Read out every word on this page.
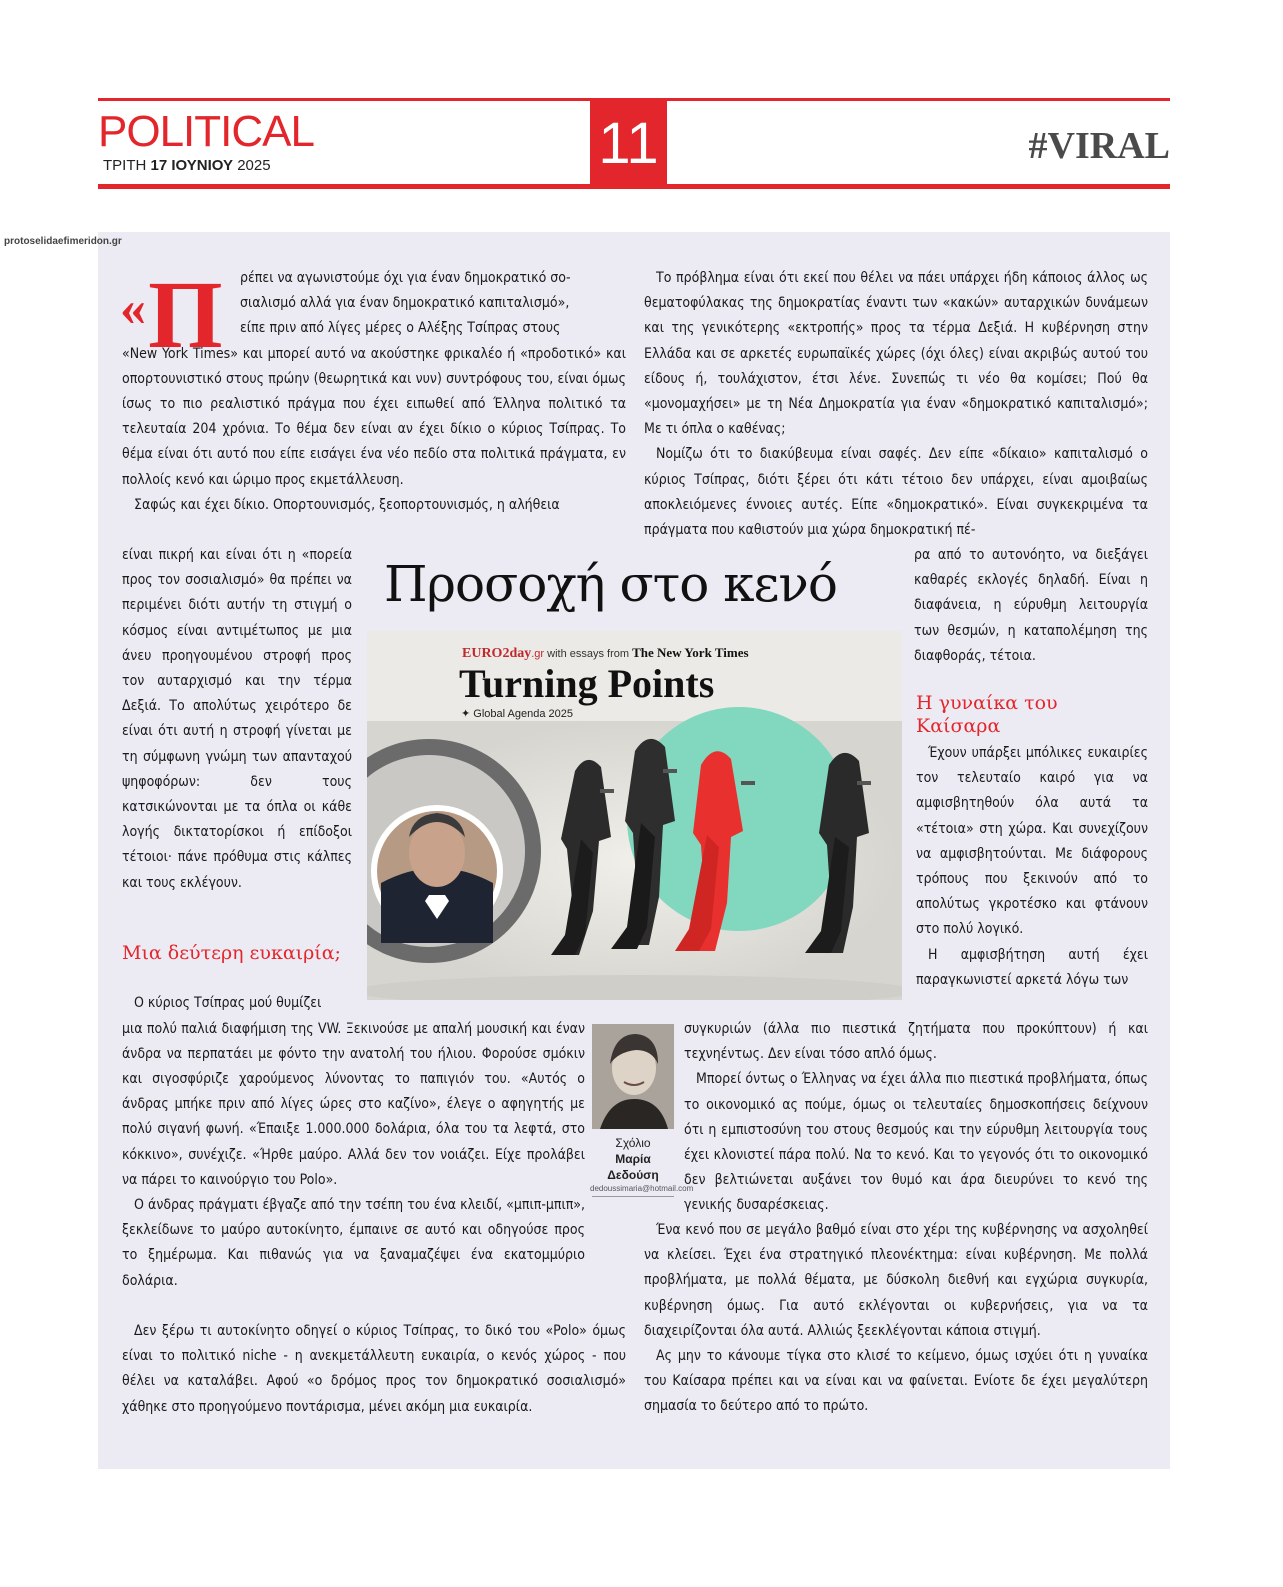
POLITICAL
ΤΡΙΤΗ 17 ΙΟΥΝΙΟΥ 2025	11	#VIRAL
protoselidaefimeridon.gr
«Π ρέπει να αγωνιστούμε όχι για έναν δημοκρατικό σο-

σιαλισμό αλλά για έναν δημοκρατικό καπιταλισμό»,

είπε πριν από λίγες μέρες ο Αλέξης Τσίπρας στους

«New York Times» και μπορεί αυτό να ακούστηκε φρικαλέο ή «προδοτικό» και οπορτουνιστικό στους πρώην (θεωρητικά και νυν) συντρόφους του, είναι όμως ίσως το πιο ρεαλιστικό πράγμα που έχει ειπωθεί από Έλληνα πολιτικό τα τελευταία 204 χρόνια. Το θέμα δεν είναι αν έχει δίκιο ο κύριος Τσίπρας. Το θέμα είναι ότι αυτό που είπε εισάγει ένα νέο πεδίο στα πολιτικά πράγματα, εν πολλοίς κενό και ώριμο προς εκμετάλλευση.

Σαφώς και έχει δίκιο. Οπορτουνισμός, ξεοπορτουνισμός, η αλήθεια

είναι πικρή και είναι ότι η «πορεία προς τον σοσιαλισμό» θα πρέπει να περιμένει διότι αυτήν τη στιγμή ο κόσμος είναι αντιμέτωπος με μια άνευ προηγουμένου στροφή προς τον αυταρχισμό και την τέρμα Δεξιά. Το απολύτως χειρότερο δε είναι ότι αυτή η στροφή γίνεται με τη σύμφωνη γνώμη των απανταχού ψηφοφόρων: δεν τους κατσικώνονται με τα όπλα οι κάθε λογής δικτατορίσκοι ή επίδοξοι τέτοιοι· πάνε πρόθυμα στις κάλπες και τους εκλέγουν.

Μια δεύτερη ευκαιρία;

Ο κύριος Τσίπρας μού θυμίζει

μια πολύ παλιά διαφήμιση της VW. Ξεκινούσε με απαλή μουσική και έναν άνδρα να περπατάει με φόντο την ανατολή του ήλιου. Φορούσε σμόκιν και σιγοσφύριζε χαρούμενος λύνοντας το παπιγιόν του. «Αυτός ο άνδρας μπήκε πριν από λίγες ώρες στο καζίνο», έλεγε ο αφηγητής με πολύ σιγανή φωνή. «Έπαιξε 1.000.000 δολάρια, όλα του τα λεφτά, στο κόκκινο», συνέχιζε. «Ήρθε μαύρο. Αλλά δεν τον νοιάζει. Είχε προλάβει να πάρει το καινούργιο του Polo».

Ο άνδρας πράγματι έβγαζε από την τσέπη του ένα κλειδί, «μπιπ-μπιπ», ξεκλείδωνε το μαύρο αυτοκίνητο, έμπαινε σε αυτό και οδηγούσε προς το ξημέρωμα. Και πιθανώς για να ξαναμαζέψει ένα εκατομμύριο δολάρια.

Δεν ξέρω τι αυτοκίνητο οδηγεί ο κύριος Τσίπρας, το δικό του «Polo» όμως είναι το πολιτικό niche - η ανεκμετάλλευτη ευκαιρία, ο κενός χώρος - που θέλει να καταλάβει. Αφού «ο δρόμος προς τον δημοκρατικό σοσιαλισμό» χάθηκε στο προηγούμενο ποντάρισμα, μένει ακόμη μια ευκαιρία.

Το πρόβλημα είναι ότι εκεί που θέλει να πάει υπάρχει ήδη κάποιος άλλος ως θεματοφύλακας της δημοκρατίας έναντι των «κακών» αυταρχικών δυνάμεων και της γενικότερης «εκτροπής» προς τα τέρμα Δεξιά. Η κυβέρνηση στην Ελλάδα και σε αρκετές ευρωπαϊκές χώρες (όχι όλες) είναι ακριβώς αυτού του είδους ή, τουλάχιστον, έτσι λένε. Συνεπώς τι νέο θα κομίσει; Πού θα «μονομαχήσει» με τη Νέα Δημοκρατία για έναν «δημοκρατικό καπιταλισμό»; Με τι όπλα ο καθένας;

Νομίζω ότι το διακύβευμα είναι σαφές. Δεν είπε «δίκαιο» καπιταλισμό ο κύριος Τσίπρας, διότι ξέρει ότι κάτι τέτοιο δεν υπάρχει, είναι αμοιβαίως αποκλειόμενες έννοιες αυτές. Είπε «δημοκρατικό». Είναι συγκεκριμένα τα πράγματα που καθιστούν μια χώρα δημοκρατική πέ-

ρα από το αυτονόητο, να διεξάγει καθαρές εκλογές δηλαδή. Είναι η διαφάνεια, η εύρυθμη λειτουργία των θεσμών, η καταπολέμηση της διαφθοράς, τέτοια.

Η γυναίκα του Καίσαρα

Έχουν υπάρξει μπόλικες ευκαιρίες τον τελευταίο καιρό για να αμφισβητηθούν όλα αυτά τα «τέτοια» στη χώρα. Και συνεχίζουν να αμφισβητούνται. Με διάφορους τρόπους που ξεκινούν από το απολύτως γκροτέσκο και φτάνουν στο πολύ λογικό.

Η αμφισβήτηση αυτή έχει παραγκωνιστεί αρκετά λόγω των

συγκυριών (άλλα πιο πιεστικά ζητήματα που προκύπτουν) ή και τεχνηέντως. Δεν είναι τόσο απλό όμως.

Μπορεί όντως ο Έλληνας να έχει άλλα πιο πιεστικά προβλήματα, όπως το οικονομικό ας πούμε, όμως οι τελευταίες δημοσκοπήσεις δείχνουν ότι η εμπιστοσύνη του στους θεσμούς και την εύρυθμη λειτουργία τους έχει κλονιστεί πάρα πολύ. Να το κενό. Και το γεγονός ότι το οικονομικό δεν βελτιώνεται αυξάνει τον θυμό και άρα διευρύνει το κενό της γενικής δυσαρέσκειας.

Ένα κενό που σε μεγάλο βαθμό είναι στο χέρι της κυβέρνησης να ασχοληθεί να κλείσει. Έχει ένα στρατηγικό πλεονέκτημα: είναι κυβέρνηση. Με πολλά προβλήματα, με πολλά θέματα, με δύσκολη διεθνή και εγχώρια συγκυρία, κυβέρνηση όμως. Για αυτό εκλέγονται οι κυβερνήσεις, για να τα διαχειρίζονται όλα αυτά. Αλλιώς ξεεκλέγονται κάποια στιγμή.

Ας μην το κάνουμε τίγκα στο κλισέ το κείμενο, όμως ισχύει ότι η γυναίκα του Καίσαρα πρέπει και να είναι και να φαίνεται. Ενίοτε δε έχει μεγαλύτερη σημασία το δεύτερο από το πρώτο.

Προσοχή στο κενό
EURO2day.gr with essays from The New York Times
Turning Points
✦ Global Agenda 2025
Σχόλιο
Μαρία
Δεδούση
dedoussimaria@hotmail.com
